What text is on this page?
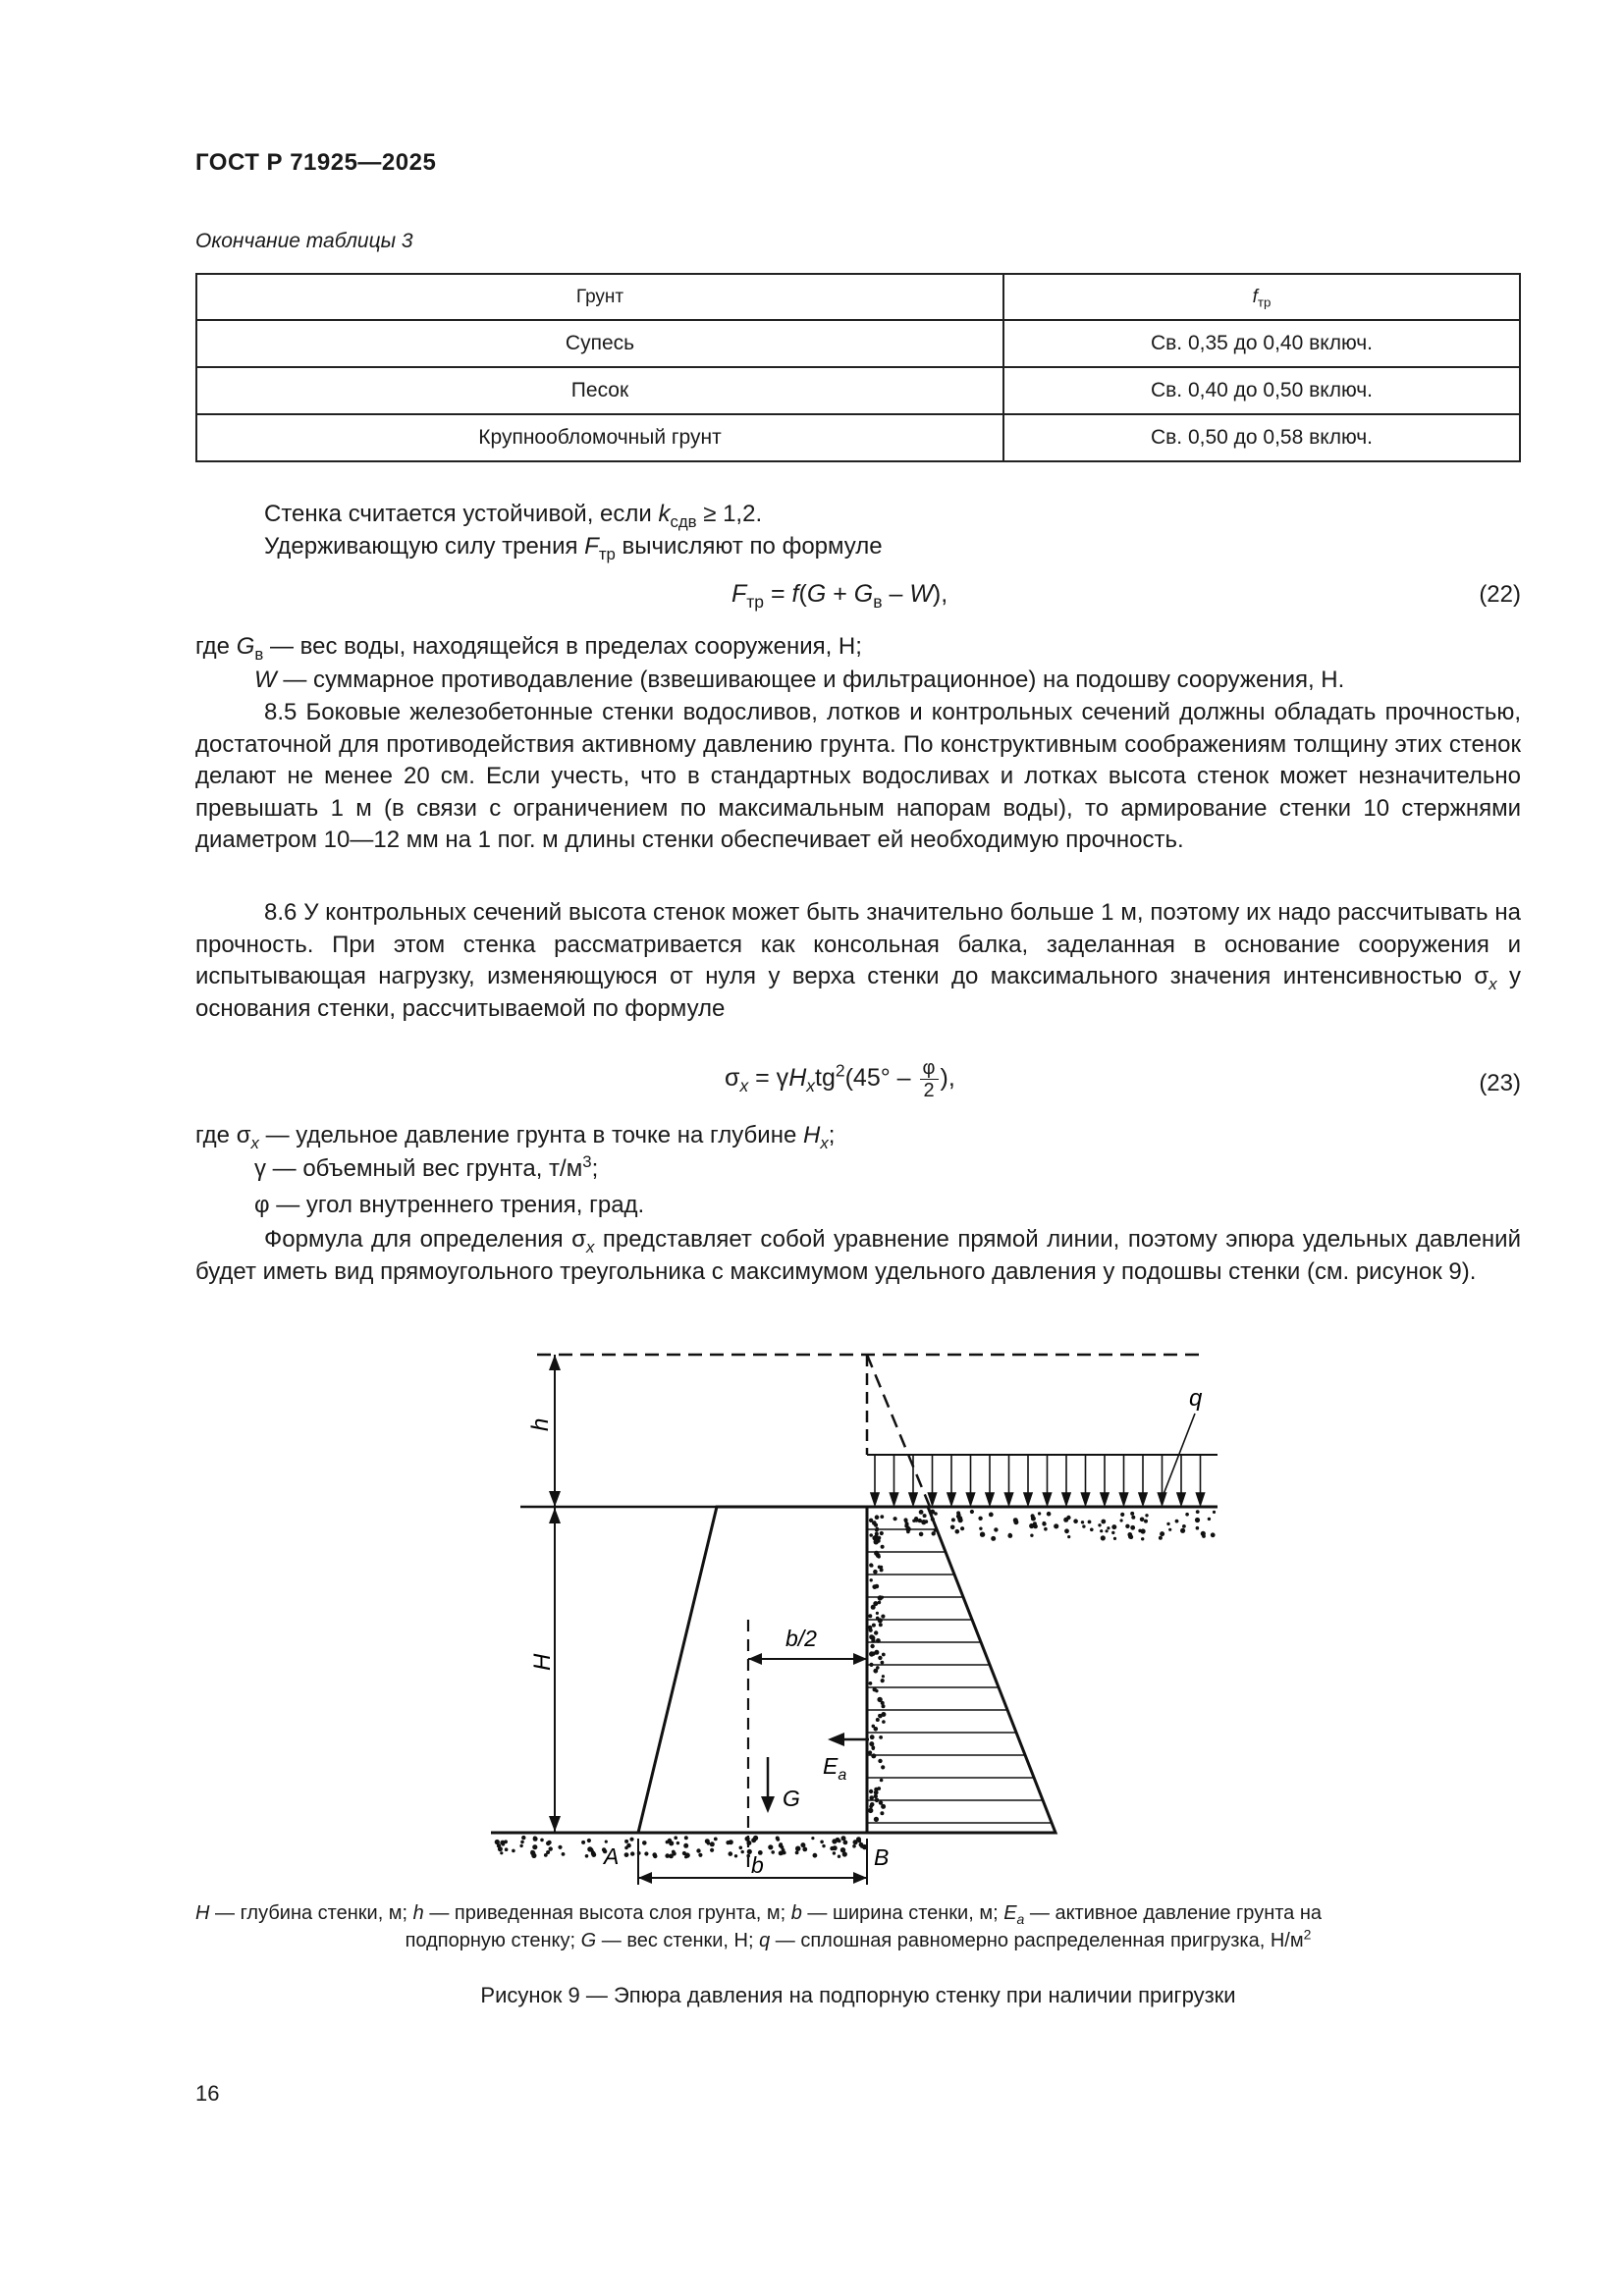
ГОСТ Р 71925—2025
Окончание таблицы 3
Грунт	$f_{тр}$
Супесь	Св. 0,35 до 0,40 включ.
Песок	Св. 0,40 до 0,50 включ.
Крупнообломочный грунт	Св. 0,50 до 0,58 включ.
Стенка считается устойчивой, если $k_{сдв} \ge 1,2$.
Удерживающую силу трения $F_{тр}$ вычисляют по формуле
$F_{тр} = f(G + G_в - W)$,	(22)
где $G_в$ — вес воды, находящейся в пределах сооружения, Н;
W — суммарное противодавление (взвешивающее и фильтрационное) на подошву сооружения, Н.
8.5 Боковые железобетонные стенки водосливов, лотков и контрольных сечений должны обладать прочностью, достаточной для противодействия активному давлению грунта. По конструктивным соображениям толщину этих стенок делают не менее 20 см. Если учесть, что в стандартных водосливах и лотках высота стенок может незначительно превышать 1 м (в связи с ограничением по максимальным напорам воды), то армирование стенки 10 стержнями диаметром 10—12 мм на 1 пог. м длины стенки обеспечивает ей необходимую прочность.
8.6 У контрольных сечений высота стенок может быть значительно больше 1 м, поэтому их надо рассчитывать на прочность. При этом стенка рассматривается как консольная балка, заделанная в основание сооружения и испытывающая нагрузку, изменяющуюся от нуля у верха стенки до максимального значения интенсивностью $\sigma_x$ у основания стенки, рассчитываемой по формуле
$\sigma_x = \gamma H_xtg^2(45^\circ - \frac{\varphi}{2}$ ),	(23)
где $\sigma_x$ — удельное давление грунта в точке на глубине $H_x$;
γ — объемный вес грунта, $т/м^3$;
φ — угол внутреннего трения, град.
Формула для определения $\sigma_x$ представляет собой уравнение прямой линии, поэтому эпюра удельных давлений будет иметь вид прямоугольного треугольника с максимумом удельного давления у подошвы стенки (см. рисунок 9).
q
h
H
b/2
$E_a$
G
A	B
b
H — глубина стенки, м; h — приведенная высота слоя грунта, м; b — ширина стенки, м; $E_a$ — активное давление грунта на
подпорную стенку; G — вес стенки, Н; q — сплошная равномерно распределенная пригрузка, $Н/м^2$
Рисунок 9 — Эпюра давления на подпорную стенку при наличии пригрузки
16
